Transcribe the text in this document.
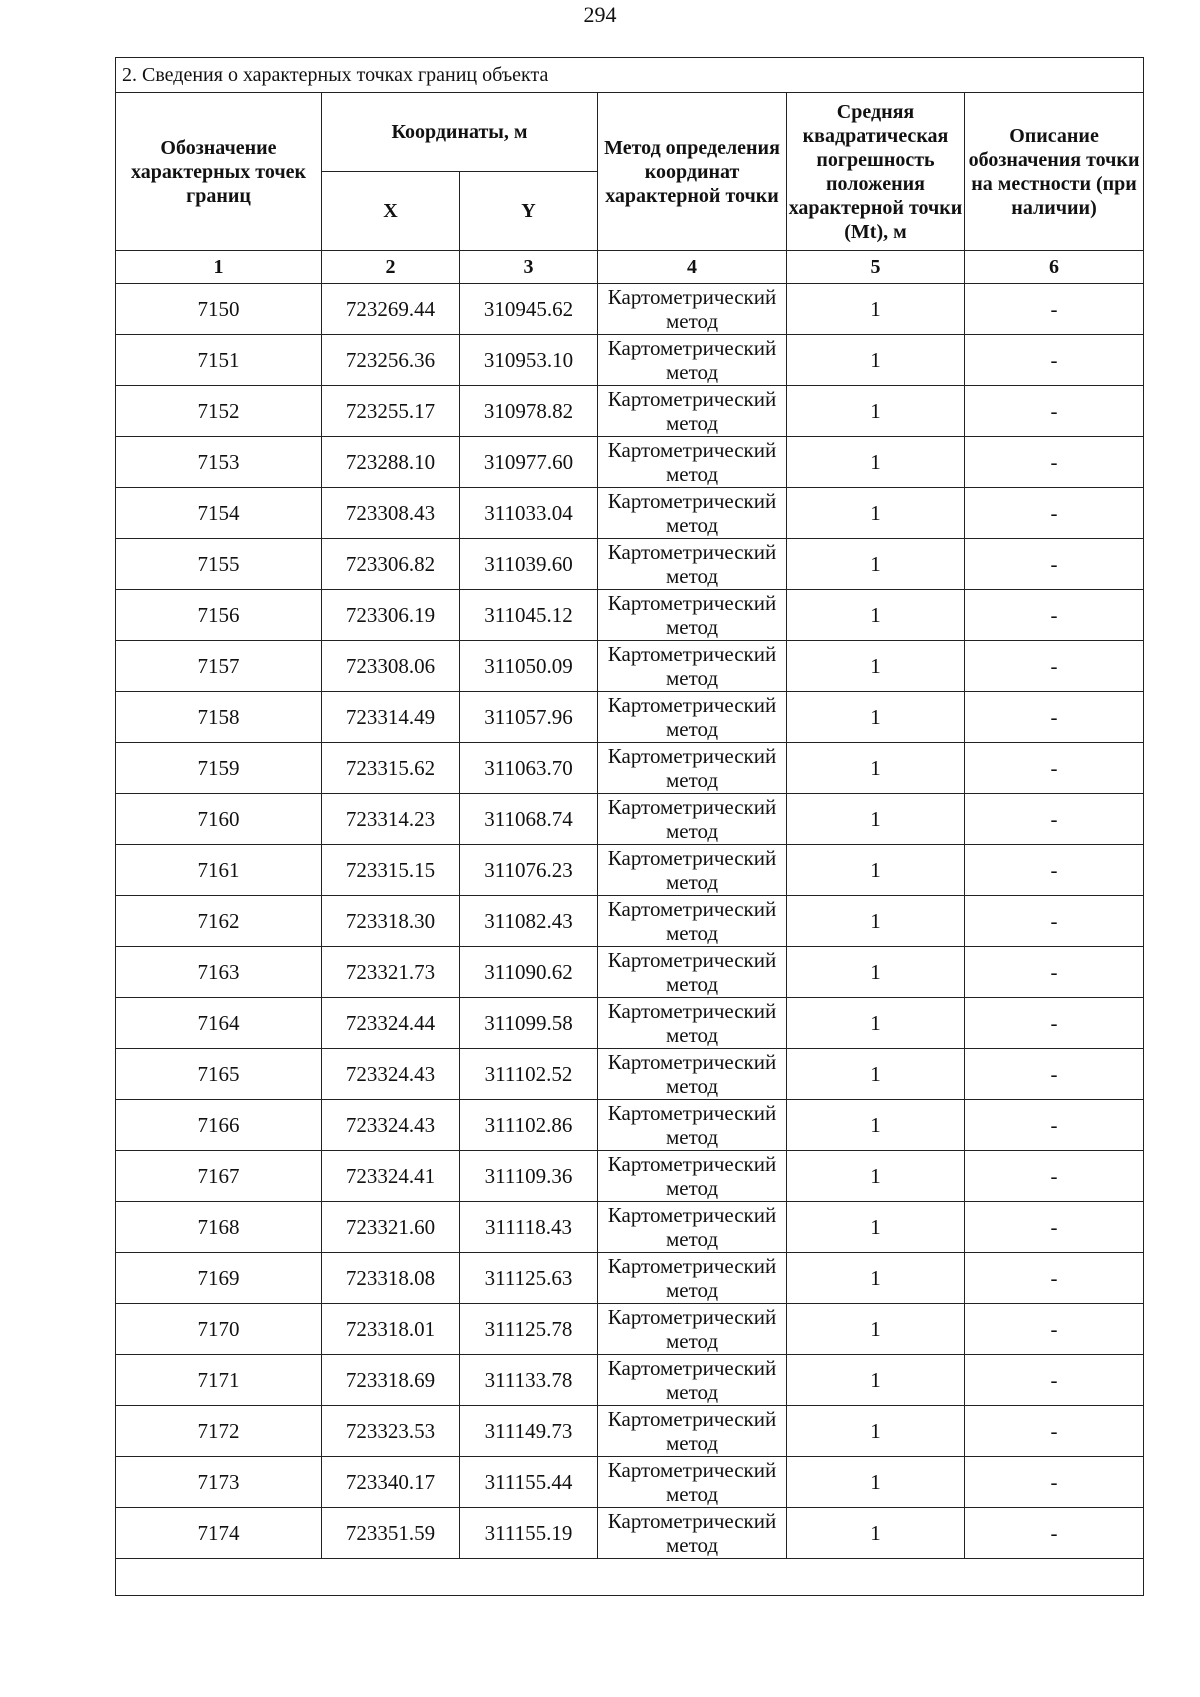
294
2. Сведения о характерных точках границ объекта					
Обозначение характерных точек границ	Координаты, м		Метод определения координат характерной точки	Средняя квадратическая погрешность положения характерной точки (Mt), м	Описание обозначения точки на местности (при наличии)
	X	Y			
1	2	3	4	5	6
7150	723269.44	310945.62	Картометрический метод	1	-
7151	723256.36	310953.10	Картометрический метод	1	-
7152	723255.17	310978.82	Картометрический метод	1	-
7153	723288.10	310977.60	Картометрический метод	1	-
7154	723308.43	311033.04	Картометрический метод	1	-
7155	723306.82	311039.60	Картометрический метод	1	-
7156	723306.19	311045.12	Картометрический метод	1	-
7157	723308.06	311050.09	Картометрический метод	1	-
7158	723314.49	311057.96	Картометрический метод	1	-
7159	723315.62	311063.70	Картометрический метод	1	-
7160	723314.23	311068.74	Картометрический метод	1	-
7161	723315.15	311076.23	Картометрический метод	1	-
7162	723318.30	311082.43	Картометрический метод	1	-
7163	723321.73	311090.62	Картометрический метод	1	-
7164	723324.44	311099.58	Картометрический метод	1	-
7165	723324.43	311102.52	Картометрический метод	1	-
7166	723324.43	311102.86	Картометрический метод	1	-
7167	723324.41	311109.36	Картометрический метод	1	-
7168	723321.60	311118.43	Картометрический метод	1	-
7169	723318.08	311125.63	Картометрический метод	1	-
7170	723318.01	311125.78	Картометрический метод	1	-
7171	723318.69	311133.78	Картометрический метод	1	-
7172	723323.53	311149.73	Картометрический метод	1	-
7173	723340.17	311155.44	Картометрический метод	1	-
7174	723351.59	311155.19	Картометрический метод	1	-
